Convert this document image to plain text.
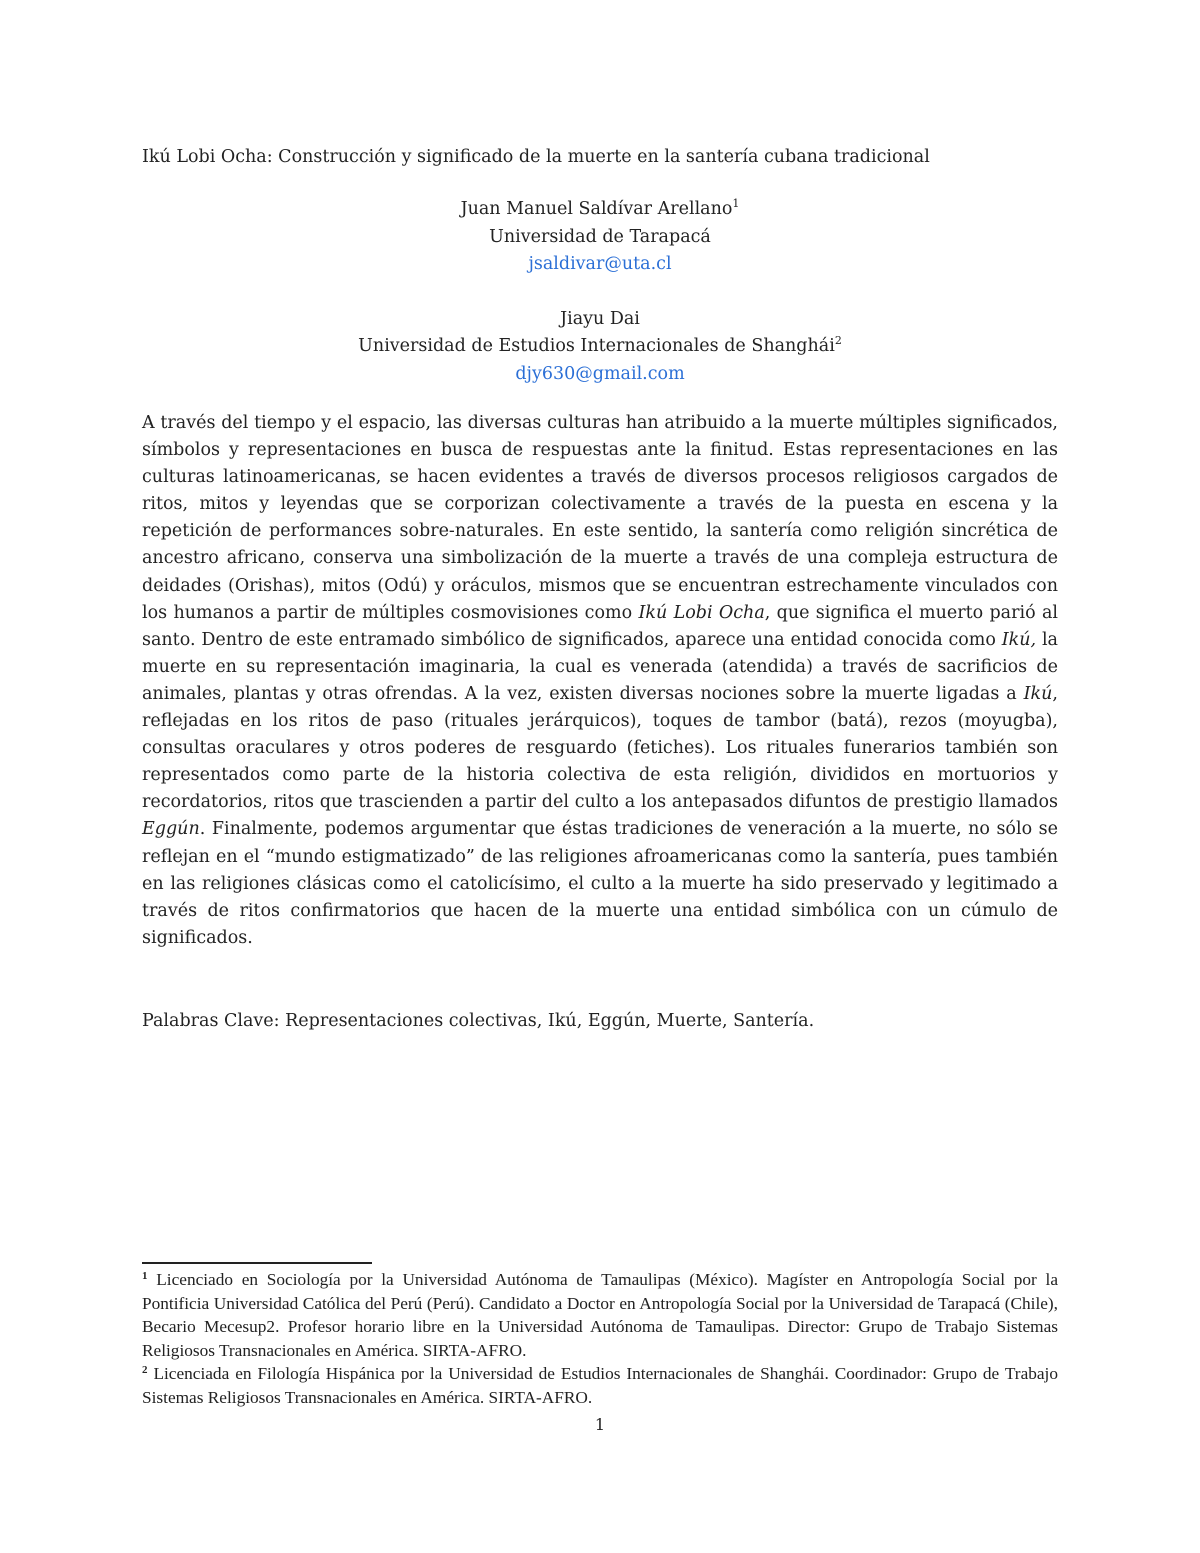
Ikú Lobi Ocha: Construcción y significado de la muerte en la santería cubana tradicional
Juan Manuel Saldívar Arellano$^1$
Universidad de Tarapacá
jsaldivar@uta.cl
Jiayu Dai
Universidad de Estudios Internacionales de Shanghái$^2$
djy630@gmail.com

A través del tiempo y el espacio, las diversas culturas han atribuido a la muerte múltiples significados, símbolos y representaciones en busca de respuestas ante la finitud. Estas representaciones en las culturas latinoamericanas, se hacen evidentes a través de diversos procesos religiosos cargados de ritos, mitos y leyendas que se corporizan colectivamente a través de la puesta en escena y la repetición de performances sobre-naturales. En este sentido, la santería como religión sincrética de ancestro africano, conserva una simbolización de la muerte a través de una compleja estructura de deidades (Orishas), mitos (Odú) y oráculos, mismos que se encuentran estrechamente vinculados con los humanos a partir de múltiples cosmovisiones como Ikú Lobi Ocha, que significa el muerto parió al santo. Dentro de este entramado simbólico de significados, aparece una entidad conocida como Ikú, la muerte en su representación imaginaria, la cual es venerada (atendida) a través de sacrificios de animales, plantas y otras ofrendas. A la vez, existen diversas nociones sobre la muerte ligadas a Ikú, reflejadas en los ritos de paso (rituales jerárquicos), toques de tambor (batá), rezos (moyugba), consultas oraculares y otros poderes de resguardo (fetiches). Los rituales funerarios también son representados como parte de la historia colectiva de esta religión, divididos en mortuorios y recordatorios, ritos que trascienden a partir del culto a los antepasados difuntos de prestigio llamados Eggún. Finalmente, podemos argumentar que éstas tradiciones de veneración a la muerte, no sólo se reflejan en el “mundo estigmatizado” de las religiones afroamericanas como la santería, pues también en las religiones clásicas como el catolicísimo, el culto a la muerte ha sido preservado y legitimado a través de ritos confirmatorios que hacen de la muerte una entidad simbólica con un cúmulo de significados.

Palabras Clave: Representaciones colectivas, Ikú, Eggún, Muerte, Santería.

$^1$ Licenciado en Sociología por la Universidad Autónoma de Tamaulipas (México). Magíster en Antropología Social por la Pontificia Universidad Católica del Perú (Perú). Candidato a Doctor en Antropología Social por la Universidad de Tarapacá (Chile), Becario Mecesup2. Profesor horario libre en la Universidad Autónoma de Tamaulipas. Director: Grupo de Trabajo Sistemas Religiosos Transnacionales en América. SIRTA-AFRO.

$^2$ Licenciada en Filología Hispánica por la Universidad de Estudios Internacionales de Shanghái. Coordinador: Grupo de Trabajo Sistemas Religiosos Transnacionales en América. SIRTA-AFRO.

1
